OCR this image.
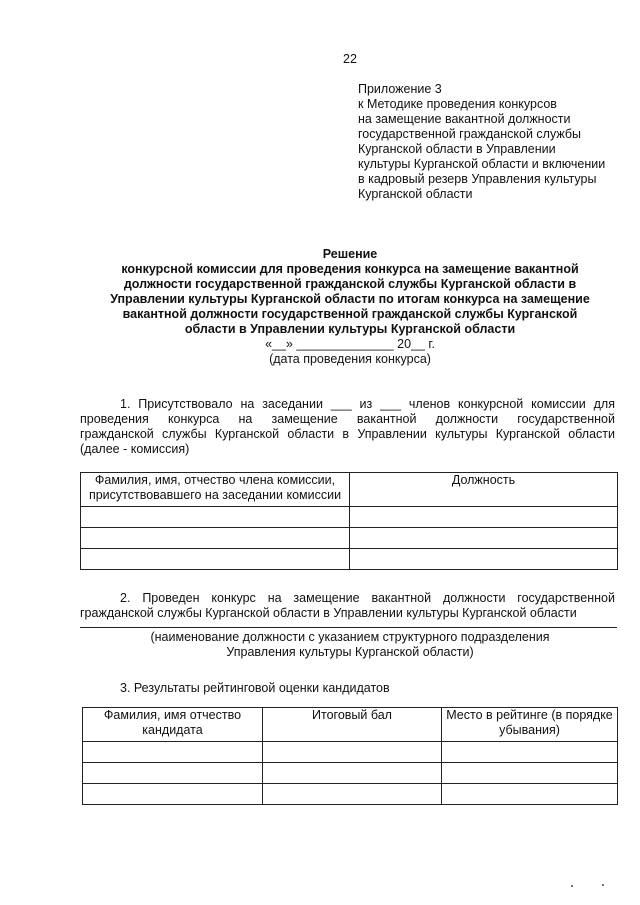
22
Приложение 3
к Методике проведения конкурсов
на замещение вакантной должности
государственной гражданской службы
Курганской области в Управлении
культуры Курганской области и включении
в кадровый резерв Управления культуры
Курганской области
Решение
конкурсной комиссии для проведения конкурса на замещение вакантной
должности государственной гражданской службы Курганской области в
Управлении культуры Курганской области по итогам конкурса на замещение
вакантной должности государственной гражданской службы Курганской
области в Управлении культуры Курганской области
«__» ______________ 20__ г.
(дата проведения конкурса)
1. Присутствовало на заседании ___ из ___ членов конкурсной комиссии для
проведения конкурса на замещение вакантной должности государственной
гражданской службы Курганской области в Управлении культуры Курганской области
(далее - комиссия)
Фамилия, имя, отчество члена комиссии, присутствовавшего на заседании комиссии	Должность

2. Проведен конкурс на замещение вакантной должности государственной
гражданской службы Курганской области в Управлении культуры Курганской области
(наименование должности с указанием структурного подразделения
Управления культуры Курганской области)
3. Результаты рейтинговой оценки кандидатов
Фамилия, имя отчество кандидата	Итоговый бал	Место в рейтинге (в порядке убывания)
